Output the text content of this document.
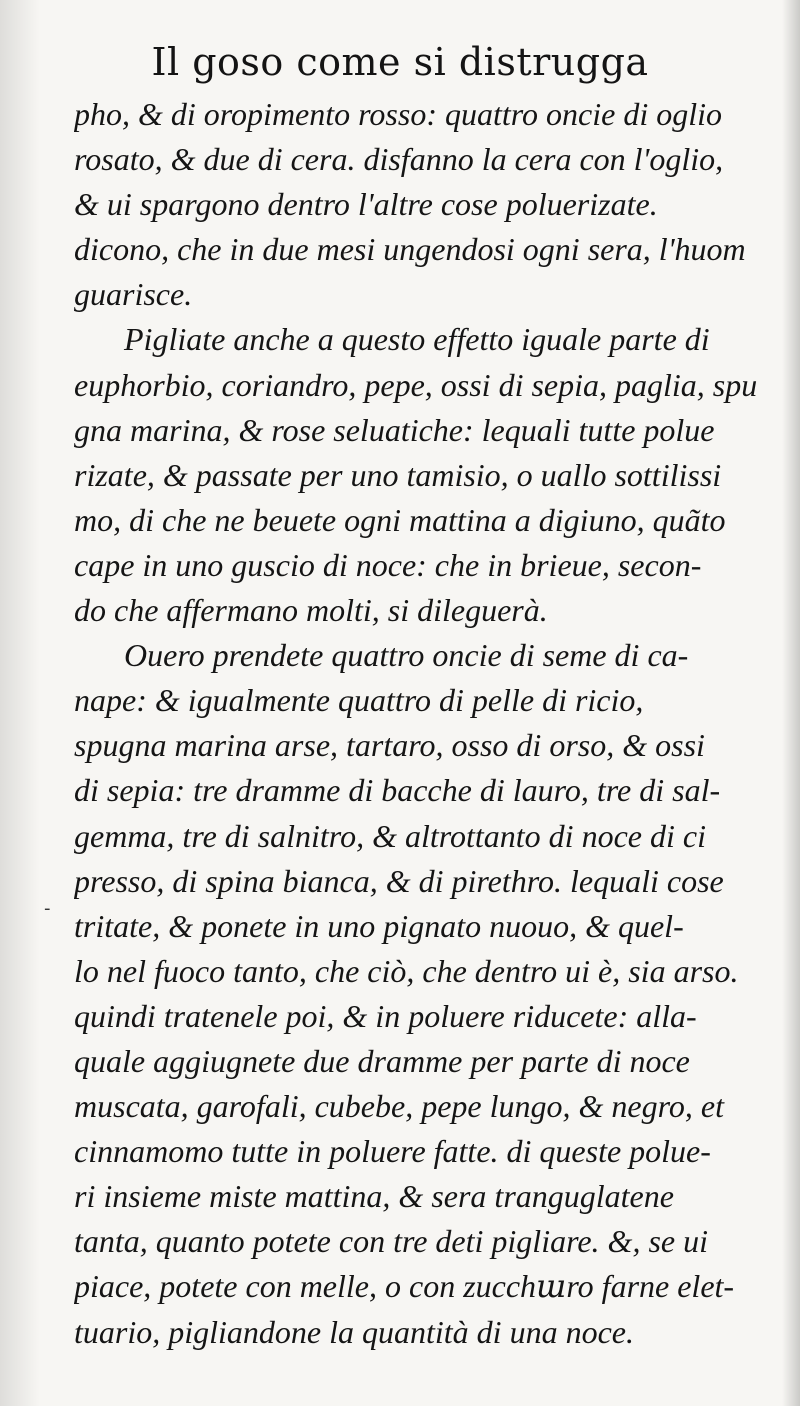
Il goso come si distrugga
-
pho, & di oropimento rosso: quattro oncie di oglio
rosato, & due di cera. disfanno la cera con l'oglio,
& ui spargono dentro l'altre cose poluerizate.
dicono, che in due mesi ungendosi ogni sera, l'huom
guarisce.
Pigliate anche a questo effetto iguale parte di
euphorbio, coriandro, pepe, ossi di sepia, paglia, spu
gna marina, & rose seluatiche: lequali tutte polue
rizate, & passate per uno tamisio, o uallo sottilissi
mo, di che ne beuete ogni mattina a digiuno, quãto
cape in uno guscio di noce: che in brieue, secon-
do che affermano molti, si dileguerà.
Ouero prendete quattro oncie di seme di ca-
nape: & igualmente quattro di pelle di ricio,
spugna marina arse, tartaro, osso di orso, & ossi
di sepia: tre dramme di bacche di lauro, tre di sal-
gemma, tre di salnitro, & altrottanto di noce di ci
presso, di spina bianca, & di pirethro. lequali cose
tritate, & ponete in uno pignato nuouo, & quel-
lo nel fuoco tanto, che ciò, che dentro ui è, sia arso.
quindi tratenele poi, & in poluere riducete: alla-
quale aggiugnete due dramme per parte di noce
muscata, garofali, cubebe, pepe lungo, & negro, et
cinnamomo tutte in poluere fatte. di queste polue-
ri insieme miste mattina, & sera tranguglatene
tanta, quanto potete con tre deti pigliare. &, se ui
piace, potete con melle, o con zucchաro farne elet-
tuario, pigliandone la quantità di una noce.
